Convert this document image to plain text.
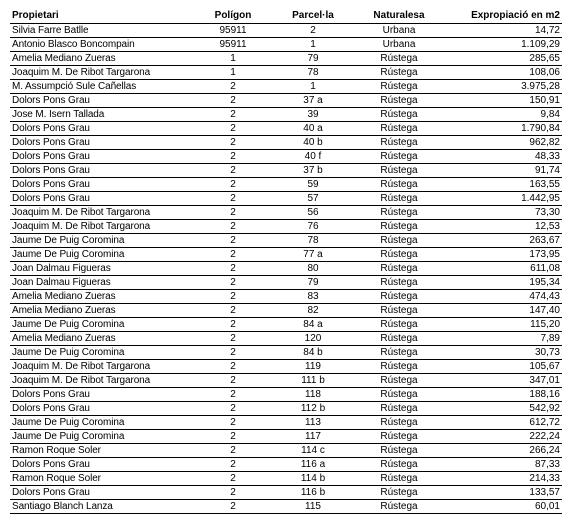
Propietari	Polígon	Parcel·la	Naturalesa	Expropiació en m2
Silvia Farre Batlle	95911	2	Urbana	14,72
Antonio Blasco Boncompain	95911	1	Urbana	1.109,29
Amelia Mediano Zueras	1	79	Rústega	285,65
Joaquim M. De Ribot Targarona	1	78	Rústega	108,06
M. Assumpció Sule Cañellas	2	1	Rústega	3.975,28
Dolors Pons Grau	2	37 a	Rústega	150,91
Jose M. Isern Tallada	2	39	Rústega	9,84
Dolors Pons Grau	2	40 a	Rústega	1.790,84
Dolors Pons Grau	2	40 b	Rústega	962,82
Dolors Pons Grau	2	40 f	Rústega	48,33
Dolors Pons Grau	2	37 b	Rústega	91,74
Dolors Pons Grau	2	59	Rústega	163,55
Dolors Pons Grau	2	57	Rústega	1.442,95
Joaquim M. De Ribot Targarona	2	56	Rústega	73,30
Joaquim M. De Ribot Targarona	2	76	Rústega	12,53
Jaume De Puig Coromina	2	78	Rústega	263,67
Jaume De Puig Coromina	2	77 a	Rústega	173,95
Joan Dalmau Figueras	2	80	Rústega	611,08
Joan Dalmau Figueras	2	79	Rústega	195,34
Amelia Mediano Zueras	2	83	Rústega	474,43
Amelia Mediano Zueras	2	82	Rústega	147,40
Jaume De Puig Coromina	2	84 a	Rústega	115,20
Amelia Mediano Zueras	2	120	Rústega	7,89
Jaume De Puig Coromina	2	84 b	Rústega	30,73
Joaquim M. De Ribot Targarona	2	119	Rústega	105,67
Joaquim M. De Ribot Targarona	2	111 b	Rústega	347,01
Dolors Pons Grau	2	118	Rústega	188,16
Dolors Pons Grau	2	112 b	Rústega	542,92
Jaume De Puig Coromina	2	113	Rústega	612,72
Jaume De Puig Coromina	2	117	Rústega	222,24
Ramon Roque Soler	2	114 c	Rústega	266,24
Dolors Pons Grau	2	116 a	Rústega	87,33
Ramon Roque Soler	2	114 b	Rústega	214,33
Dolors Pons Grau	2	116 b	Rústega	133,57
Santiago Blanch Lanza	2	115	Rústega	60,01
